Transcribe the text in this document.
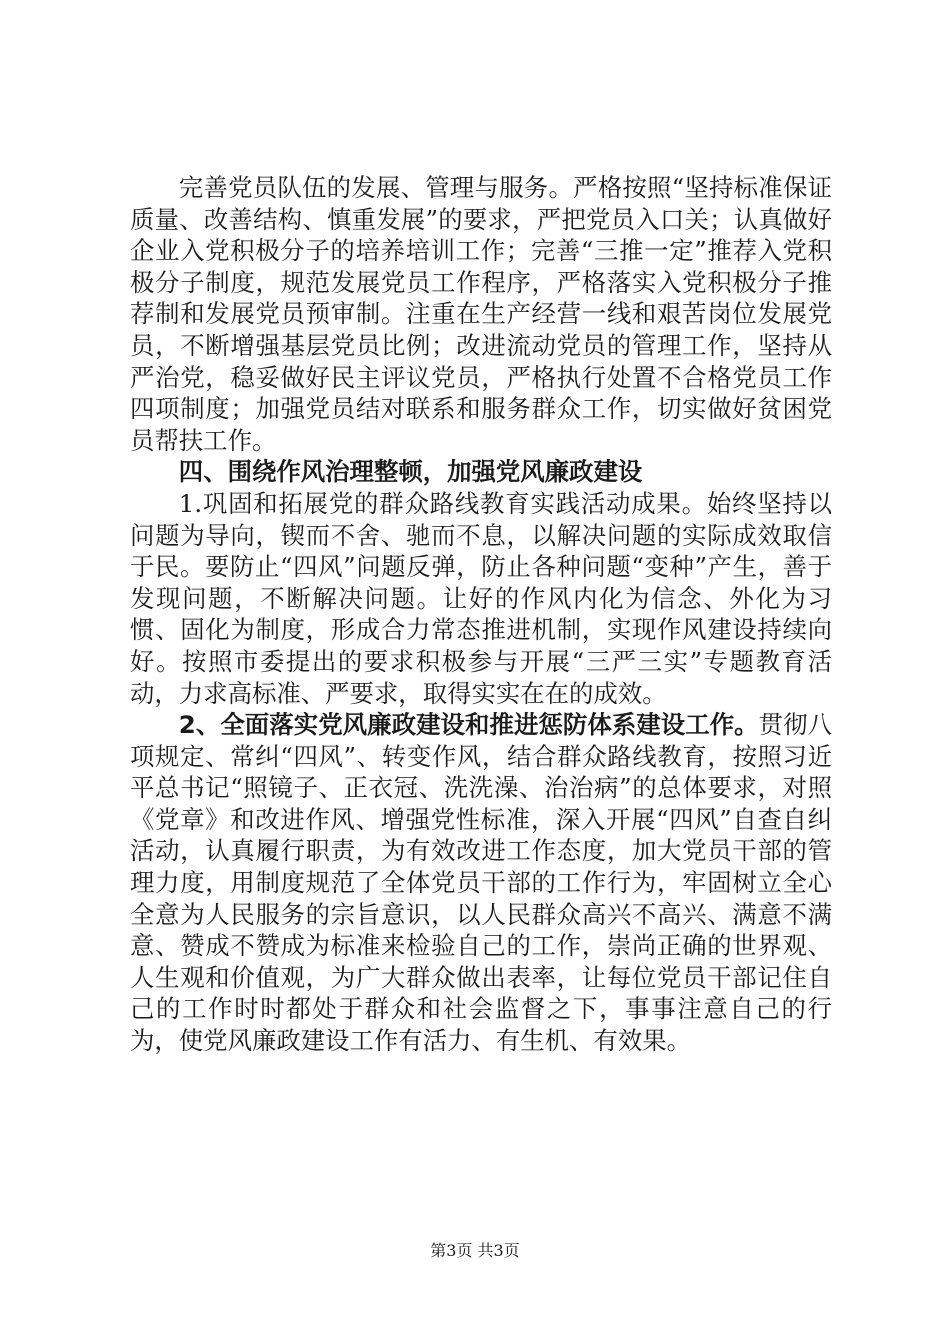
完善党员队伍的发展、管理与服务。严格按照“坚持标准保证质量、改善结构、慎重发展”的要求，严把党员入口关；认真做好企业入党积极分子的培养培训工作；完善“三推一定”推荐入党积极分子制度，规范发展党员工作程序，严格落实入党积极分子推荐制和发展党员预审制。注重在生产经营一线和艰苦岗位发展党员，不断增强基层党员比例；改进流动党员的管理工作，坚持从严治党，稳妥做好民主评议党员，严格执行处置不合格党员工作四项制度；加强党员结对联系和服务群众工作，切实做好贫困党员帮扶工作。

四、围绕作风治理整顿，加强党风廉政建设

1.巩固和拓展党的群众路线教育实践活动成果。始终坚持以问题为导向，锲而不舍、驰而不息，以解决问题的实际成效取信于民。要防止“四风”问题反弹，防止各种问题“变种”产生，善于发现问题，不断解决问题。让好的作风内化为信念、外化为习惯、固化为制度，形成合力常态推进机制，实现作风建设持续向好。按照市委提出的要求积极参与开展“三严三实”专题教育活动，力求高标准、严要求，取得实实在在的成效。

2、全面落实党风廉政建设和推进惩防体系建设工作。贯彻八项规定、常纠“四风”、转变作风，结合群众路线教育，按照习近平总书记“照镜子、正衣冠、洗洗澡、治治病”的总体要求，对照《党章》和改进作风、增强党性标准，深入开展“四风”自查自纠活动，认真履行职责，为有效改进工作态度，加大党员干部的管理力度，用制度规范了全体党员干部的工作行为，牢固树立全心全意为人民服务的宗旨意识，以人民群众高兴不高兴、满意不满意、赞成不赞成为标准来检验自己的工作，崇尚正确的世界观、人生观和价值观，为广大群众做出表率，让每位党员干部记住自己的工作时时都处于群众和社会监督之下，事事注意自己的行为，使党风廉政建设工作有活力、有生机、有效果。

第3页 共3页
